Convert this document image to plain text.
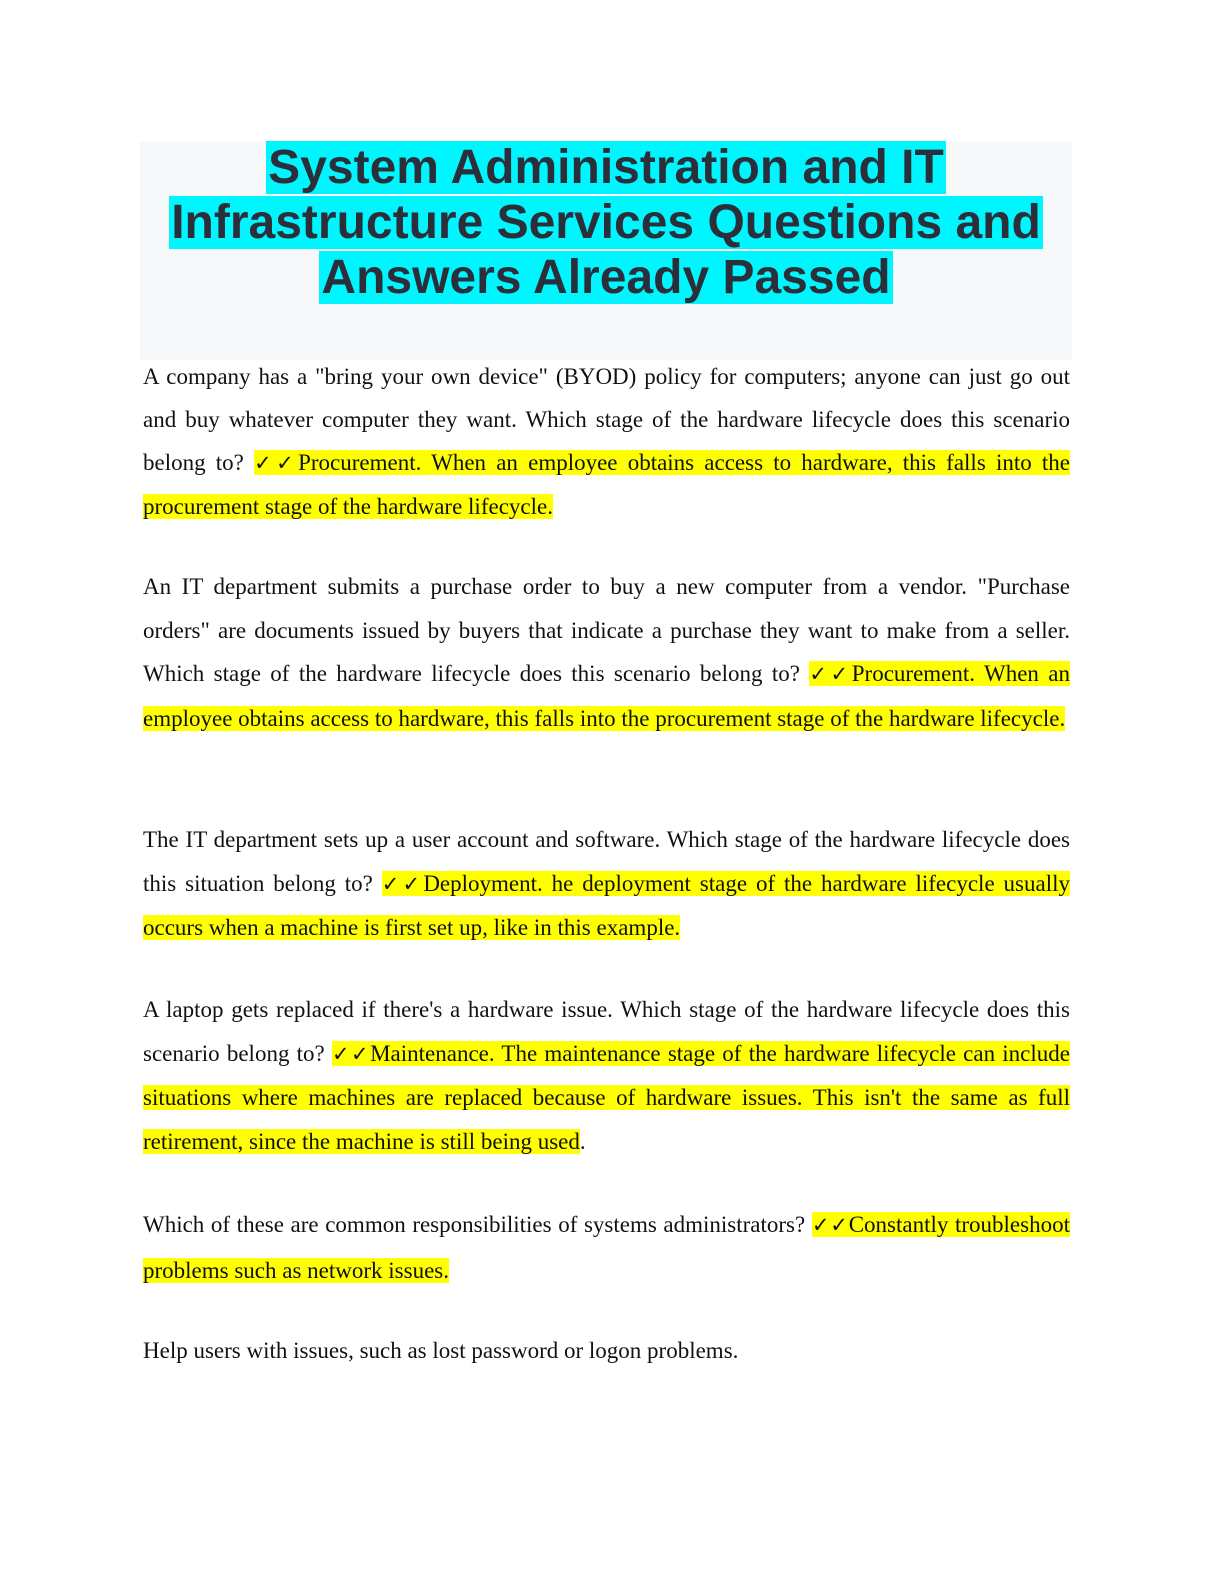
System Administration and IT
Infrastructure Services Questions and
Answers Already Passed

A company has a "bring your own device" (BYOD) policy for computers; anyone can just go out and buy whatever computer they want. Which stage of the hardware lifecycle does this scenario belong to? ✓✓Procurement. When an employee obtains access to hardware, this falls into the procurement stage of the hardware lifecycle.

An IT department submits a purchase order to buy a new computer from a vendor. "Purchase orders" are documents issued by buyers that indicate a purchase they want to make from a seller. Which stage of the hardware lifecycle does this scenario belong to? ✓✓Procurement. When an employee obtains access to hardware, this falls into the procurement stage of the hardware lifecycle.

The IT department sets up a user account and software. Which stage of the hardware lifecycle does this situation belong to? ✓✓Deployment. he deployment stage of the hardware lifecycle usually occurs when a machine is first set up, like in this example.

A laptop gets replaced if there's a hardware issue. Which stage of the hardware lifecycle does this scenario belong to? ✓✓Maintenance. The maintenance stage of the hardware lifecycle can include situations where machines are replaced because of hardware issues. This isn't the same as full retirement, since the machine is still being used.

Which of these are common responsibilities of systems administrators? ✓✓Constantly troubleshoot problems such as network issues.

Help users with issues, such as lost password or logon problems.
